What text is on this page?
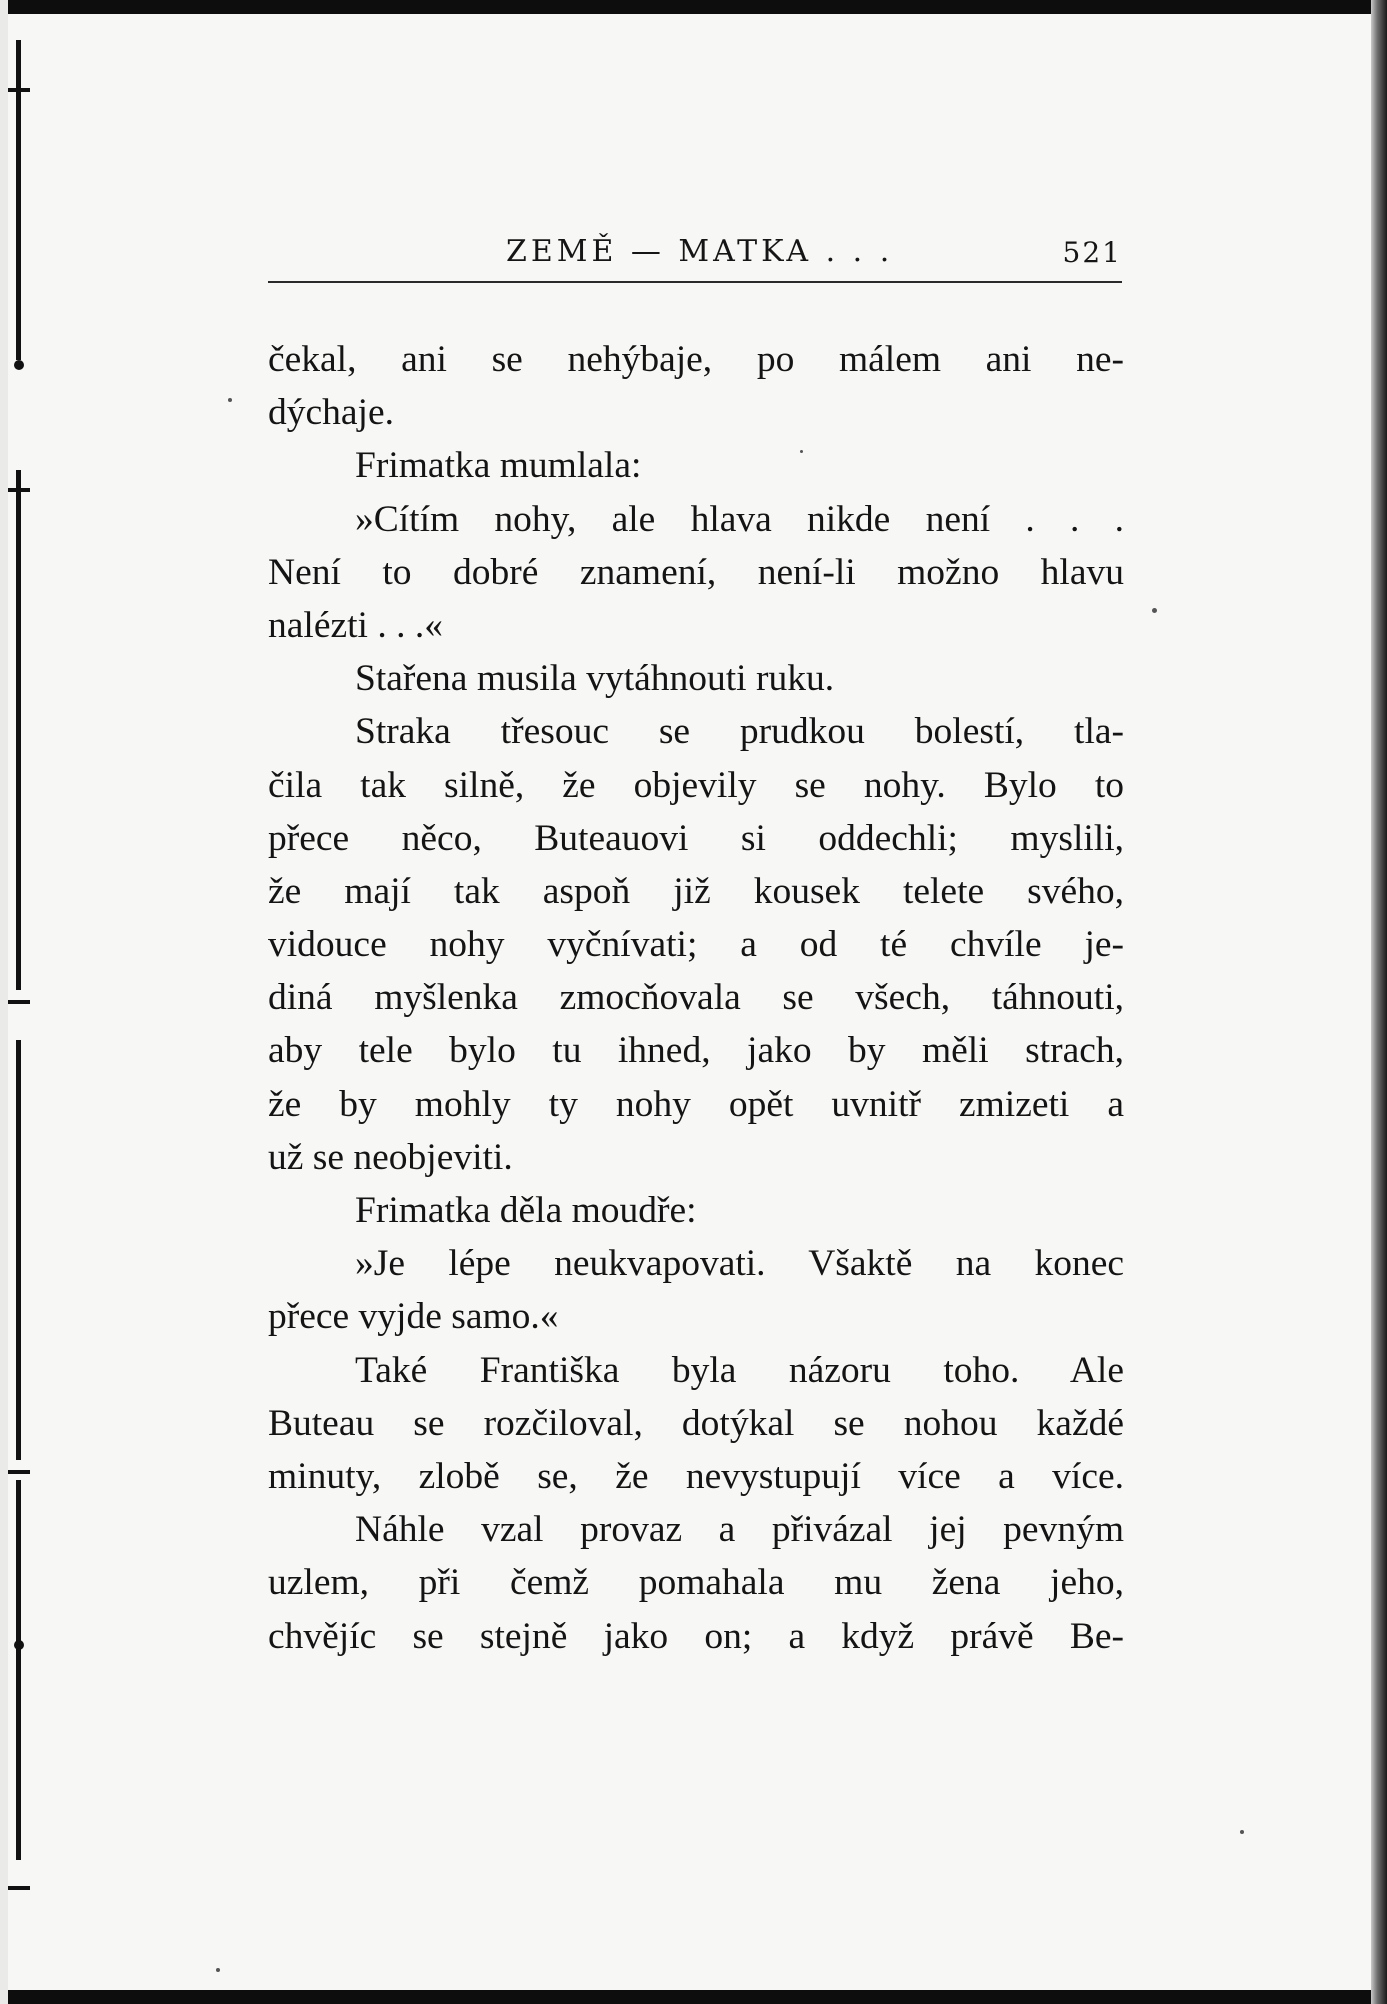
ZEMĚ — MATKA . . .	521
čekal, ani se nehýbaje, po málem ani ne-
dýchaje.
Frimatka mumlala:
»Cítím nohy, ale hlava nikde není . . .
Není to dobré znamení, není-li možno hlavu
nalézti . . .«
Stařena musila vytáhnouti ruku.
Straka třesouc se prudkou bolestí, tla-
čila tak silně, že objevily se nohy. Bylo to
přece něco, Buteauovi si oddechli; myslili,
že mají tak aspoň již kousek telete svého,
vidouce nohy vyčnívati; a od té chvíle je-
diná myšlenka zmocňovala se všech, táhnouti,
aby tele bylo tu ihned, jako by měli strach,
že by mohly ty nohy opět uvnitř zmizeti a
už se neobjeviti.
Frimatka děla moudře:
»Je lépe neukvapovati. Všaktě na konec
přece vyjde samo.«
Také Františka byla názoru toho. Ale
Buteau se rozčiloval, dotýkal se nohou každé
minuty, zlobě se, že nevystupují více a více.
Náhle vzal provaz a přivázal jej pevným
uzlem, při čemž pomahala mu žena jeho,
chvějíc se stejně jako on; a když právě Be-
